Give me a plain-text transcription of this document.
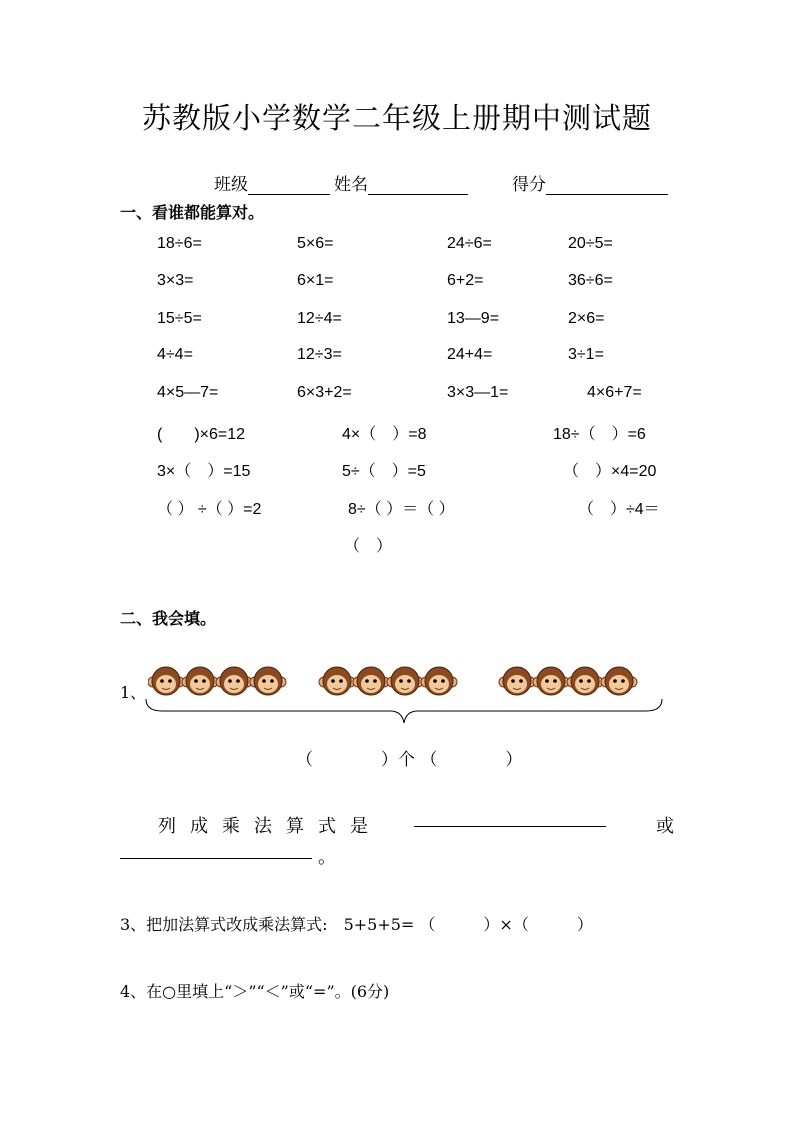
苏教版小学数学二年级上册期中测试题
班级	姓名	得分
一、看谁都能算对。
18÷6=	5×6=	24÷6=	20÷5=
3×3=	6×1=	6+2=	36÷6=
15÷5=	12÷4=	13—9=	2×6=
4÷4=	12÷3=	24+4=	3÷1=
4×5—7=	6×3+2=	3×3—1=	4×6+7=
(　　)×6=12	4×（　）=8	18÷（　）=6
3×（　）=15	5÷（　）=5	（　）×4=20
（ ） ÷（ ）=2	8÷（ ）＝（ ）	（　）÷4＝
（　）
二、我会填。
1、
（　　　　）个 （　　　　）
列成乘法算式是	或
。
3、把加法算式改成乘法算式:　5+5+5= （　　　）×（　　　）
4、在○里填上“＞”“＜”或“=”。(6分)
